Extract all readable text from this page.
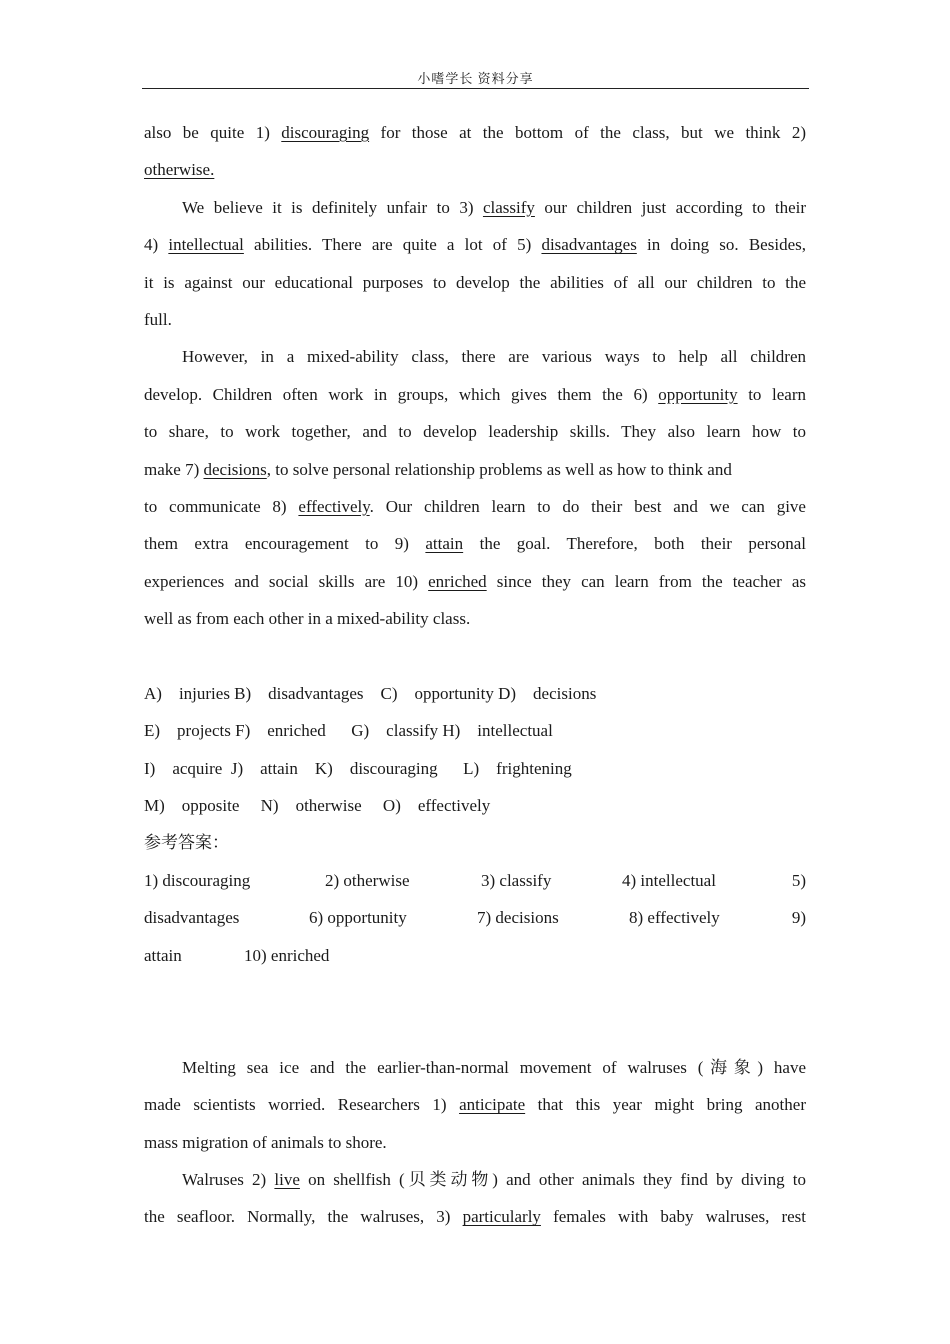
小嗜学长 资料分享
also be quite 1) discouraging for those at the bottom of the class, but we think 2)
otherwise.
We believe it is definitely unfair to 3) classify our children just according to their
4) intellectual abilities. There are quite a lot of 5) disadvantages in doing so. Besides,
it is against our educational purposes to develop the abilities of all our children to the
full.
However, in a mixed-ability class, there are various ways to help all children
develop. Children often work in groups, which gives them the 6) opportunity to learn
to share, to work together, and to develop leadership skills. They also learn how to
make 7) decisions, to solve personal relationship problems as well as how to think and
to communicate 8) effectively. Our children learn to do their best and we can give
them extra encouragement to 9) attain the goal. Therefore, both their personal
experiences and social skills are 10) enriched since they can learn from the teacher as
well as from each other in a mixed-ability class.
A)    injuries B)    disadvantages    C)    opportunity D)    decisions
E)    projects F)    enriched      G)    classify H)    intellectual
I)    acquire  J)    attain    K)    discouraging      L)    frightening
M)    opposite     N)    otherwise     O)    effectively
参考答案：
1) discouraging	2) otherwise	3) classify	4) intellectual	5)
disadvantages	6) opportunity	7) decisions	8) effectively	9)
attain	10) enriched
Melting sea ice and the earlier-than-normal movement of walruses (海象) have
made scientists worried. Researchers 1) anticipate that this year might bring another
mass migration of animals to shore.
Walruses 2) live on shellfish (贝类动物) and other animals they find by diving to
the seafloor. Normally, the walruses, 3) particularly females with baby walruses, rest
